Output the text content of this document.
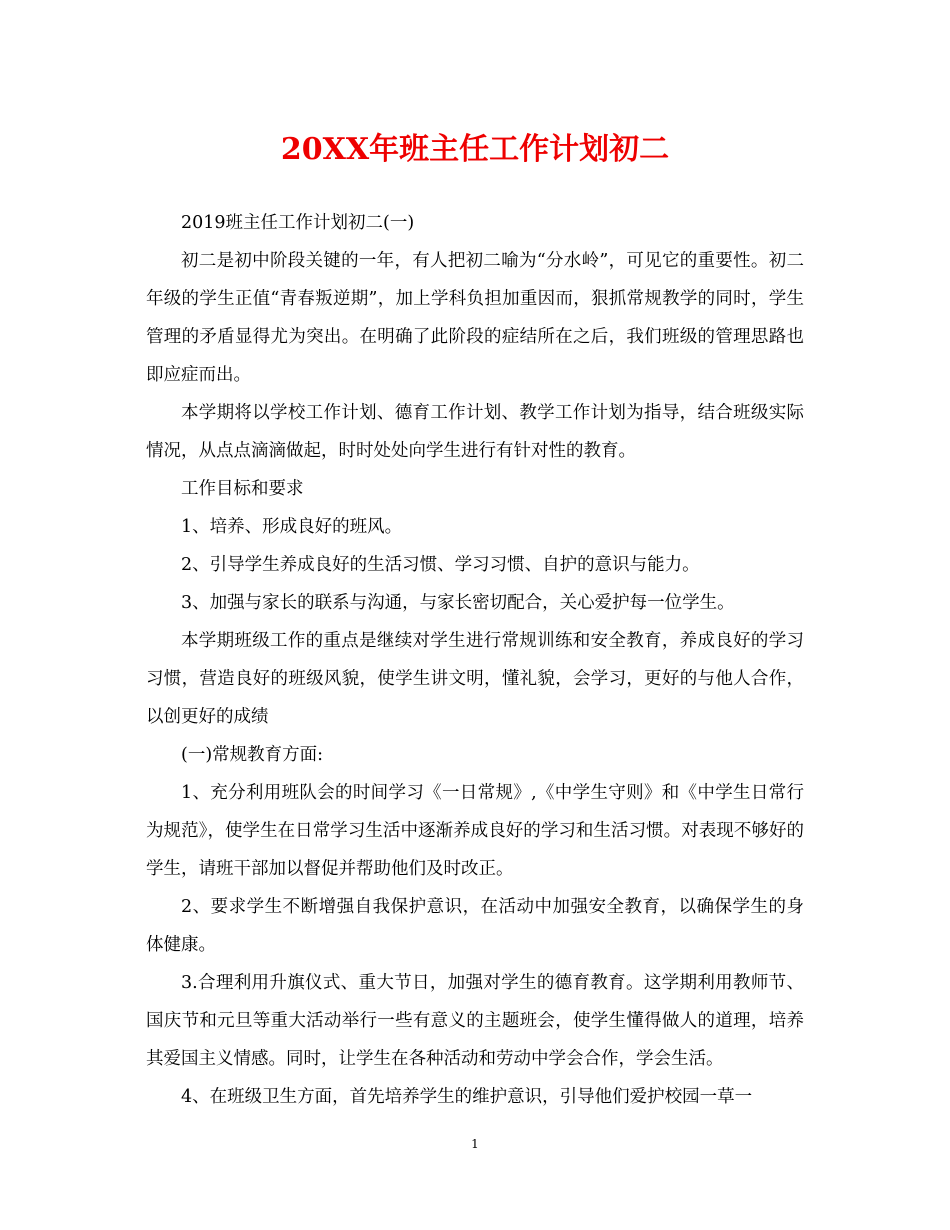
20XX年班主任工作计划初二

2019班主任工作计划初二(一)

初二是初中阶段关键的一年，有人把初二喻为“分水岭”，可见它的重要性。初二年级的学生正值“青春叛逆期”，加上学科负担加重因而，狠抓常规教学的同时，学生管理的矛盾显得尤为突出。在明确了此阶段的症结所在之后，我们班级的管理思路也即应症而出。

本学期将以学校工作计划、德育工作计划、教学工作计划为指导，结合班级实际情况，从点点滴滴做起，时时处处向学生进行有针对性的教育。

工作目标和要求

1、培养、形成良好的班风。

2、引导学生养成良好的生活习惯、学习习惯、自护的意识与能力。

3、加强与家长的联系与沟通，与家长密切配合，关心爱护每一位学生。

本学期班级工作的重点是继续对学生进行常规训练和安全教育，养成良好的学习习惯，营造良好的班级风貌，使学生讲文明，懂礼貌，会学习，更好的与他人合作，以创更好的成绩

(一)常规教育方面:

1、充分利用班队会的时间学习《一日常规》,《中学生守则》和《中学生日常行为规范》，使学生在日常学习生活中逐渐养成良好的学习和生活习惯。对表现不够好的学生，请班干部加以督促并帮助他们及时改正。

2、要求学生不断增强自我保护意识，在活动中加强安全教育，以确保学生的身体健康。

3.合理利用升旗仪式、重大节日，加强对学生的德育教育。这学期利用教师节、国庆节和元旦等重大活动举行一些有意义的主题班会，使学生懂得做人的道理，培养其爱国主义情感。同时，让学生在各种活动和劳动中学会合作，学会生活。

4、在班级卫生方面，首先培养学生的维护意识，引导他们爱护校园一草一

1
